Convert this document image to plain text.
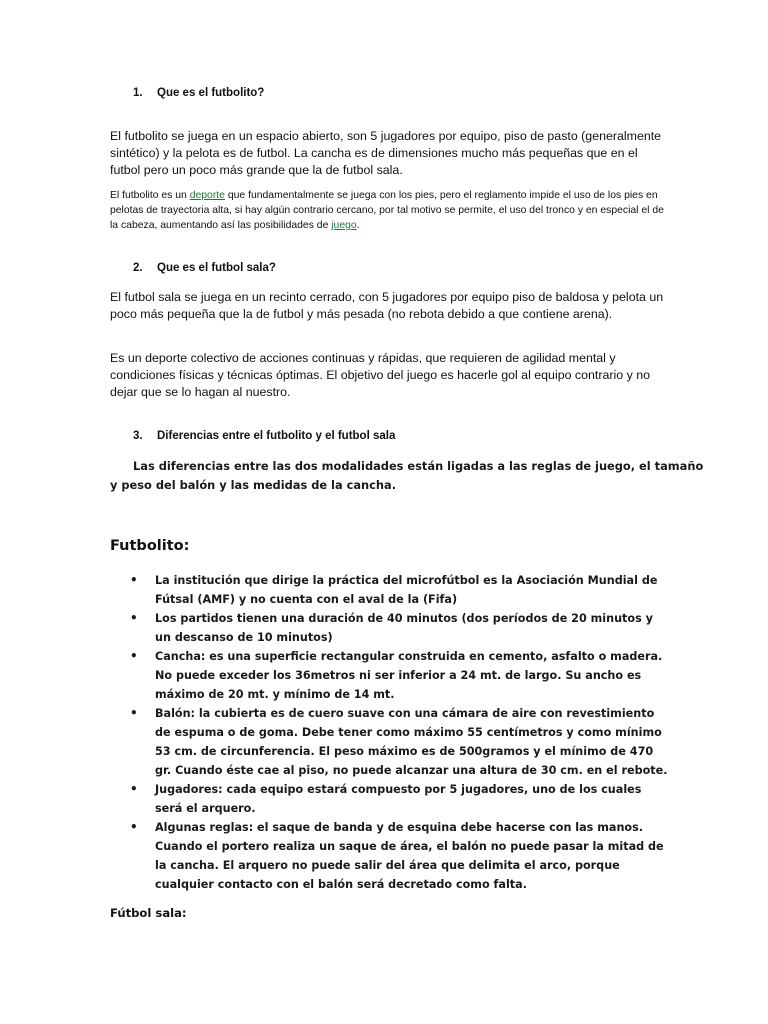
1.	Que es el futbolito?
El futbolito se juega en un espacio abierto, son 5 jugadores por equipo, piso de pasto (generalmente sintético) y la pelota es de futbol. La cancha es de dimensiones mucho más pequeñas que en el futbol pero un poco más grande que la de futbol sala.
El futbolito es un deporte que fundamentalmente se juega con los pies, pero el reglamento impide el uso de los pies en pelotas de trayectoria alta, si hay algún contrario cercano, por tal motivo se permite, el uso del tronco y en especial el de la cabeza, aumentando así las posibilidades de juego.
2.	Que es el futbol sala?
El futbol sala se juega en un recinto cerrado, con 5 jugadores por equipo piso de baldosa y pelota un poco más pequeña que la de futbol y más pesada (no rebota debido a que contiene arena).
Es un deporte colectivo de acciones continuas y rápidas, que requieren de agilidad mental y condiciones físicas y técnicas óptimas. El objetivo del juego es hacerle gol al equipo contrario y no dejar que se lo hagan al nuestro.
3.	Diferencias entre el futbolito y el futbol sala
Las diferencias entre las dos modalidades están ligadas a las reglas de juego, el tamaño
y peso del balón y las medidas de la cancha.
Futbolito:
•	La institución que dirige la práctica del microfútbol es la Asociación Mundial de Fútsal (AMF) y no cuenta con el aval de la (Fifa)
•	Los partidos tienen una duración de 40 minutos (dos períodos de 20 minutos y un descanso de 10 minutos)
•	Cancha: es una superficie rectangular construida en cemento, asfalto o madera. No puede exceder los 36metros ni ser inferior a 24 mt. de largo. Su ancho es máximo de 20 mt. y mínimo de 14 mt.
•	Balón: la cubierta es de cuero suave con una cámara de aire con revestimiento de espuma o de goma. Debe tener como máximo 55 centímetros y como mínimo 53 cm. de circunferencia. El peso máximo es de 500gramos y el mínimo de 470 gr. Cuando éste cae al piso, no puede alcanzar una altura de 30 cm. en el rebote.
•	Jugadores: cada equipo estará compuesto por 5 jugadores, uno de los cuales será el arquero.
•	Algunas reglas: el saque de banda y de esquina debe hacerse con las manos. Cuando el portero realiza un saque de área, el balón no puede pasar la mitad de la cancha. El arquero no puede salir del área que delimita el arco, porque cualquier contacto con el balón será decretado como falta.
Fútbol sala:
